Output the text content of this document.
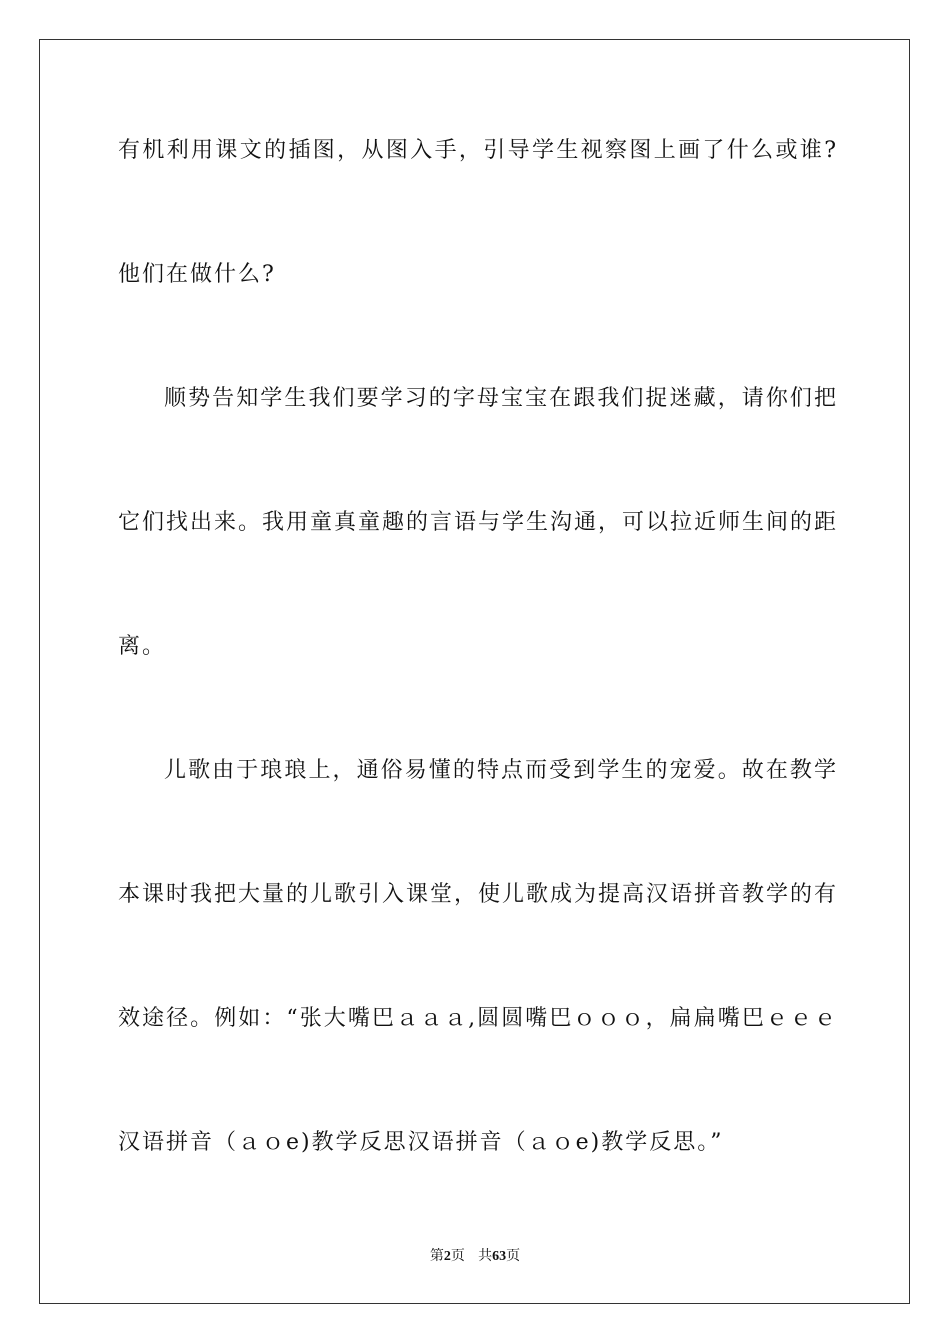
有机利用课文的插图，从图入手，引导学生视察图上画了什么或谁?
他们在做什么?
顺势告知学生我们要学习的字母宝宝在跟我们捉迷藏，请你们把
它们找出来。我用童真童趣的言语与学生沟通，可以拉近师生间的距
离。
儿歌由于琅琅上，通俗易懂的特点而受到学生的宠爱。故在教学
本课时我把大量的儿歌引入课堂，使儿歌成为提高汉语拼音教学的有
效途径。例如：“张大嘴巴ａａａ,圆圆嘴巴ｏｏｏ，扁扁嘴巴ｅｅｅ
汉语拼音（ａｏe)教学反思汉语拼音（ａｏe)教学反思。”
第2页 共63页
